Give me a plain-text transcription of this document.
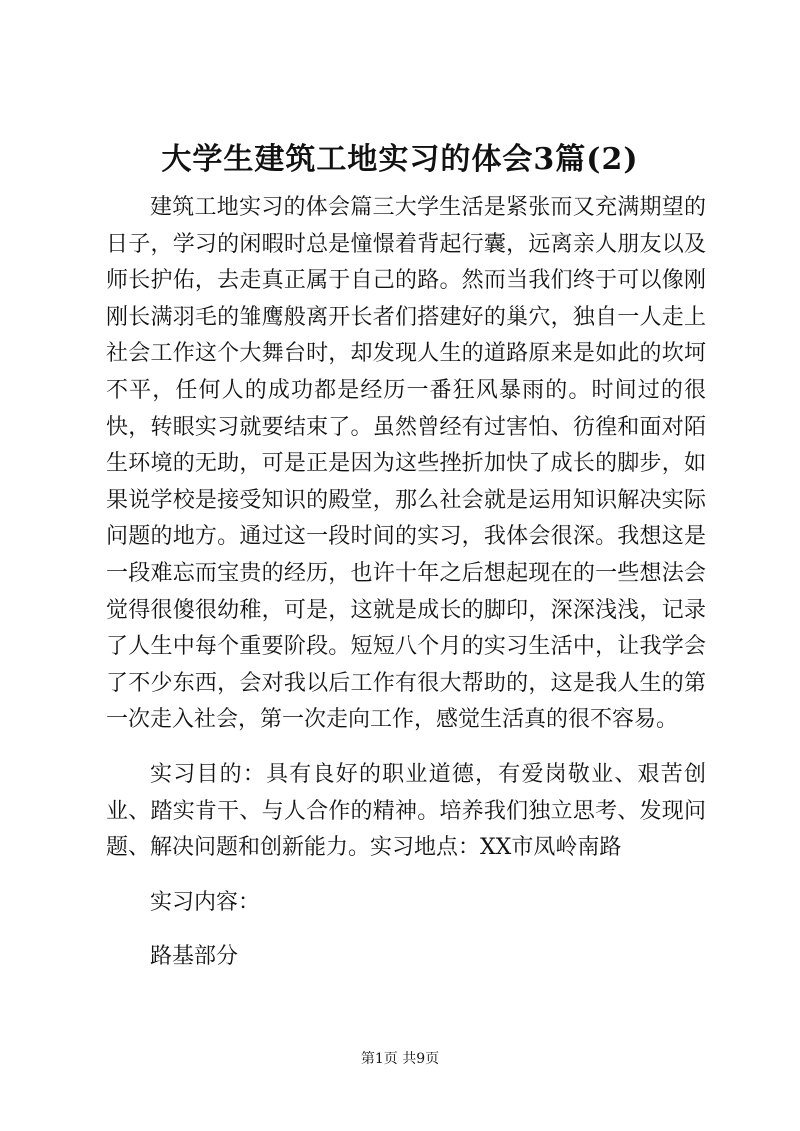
大学生建筑工地实习的体会3篇(2)

建筑工地实习的体会篇三大学生活是紧张而又充满期望的日子，学习的闲暇时总是憧憬着背起行囊，远离亲人朋友以及师长护佑，去走真正属于自己的路。然而当我们终于可以像刚刚长满羽毛的雏鹰般离开长者们搭建好的巢穴，独自一人走上社会工作这个大舞台时，却发现人生的道路原来是如此的坎坷不平，任何人的成功都是经历一番狂风暴雨的。时间过的很快，转眼实习就要结束了。虽然曾经有过害怕、彷徨和面对陌生环境的无助，可是正是因为这些挫折加快了成长的脚步，如果说学校是接受知识的殿堂，那么社会就是运用知识解决实际问题的地方。通过这一段时间的实习，我体会很深。我想这是一段难忘而宝贵的经历，也许十年之后想起现在的一些想法会觉得很傻很幼稚，可是，这就是成长的脚印，深深浅浅，记录了人生中每个重要阶段。短短八个月的实习生活中，让我学会了不少东西，会对我以后工作有很大帮助的，这是我人生的第一次走入社会，第一次走向工作，感觉生活真的很不容易。

实习目的：具有良好的职业道德，有爱岗敬业、艰苦创业、踏实肯干、与人合作的精神。培养我们独立思考、发现问题、解决问题和创新能力。实习地点：XX市凤岭南路

实习内容：

路基部分

第1页 共9页
